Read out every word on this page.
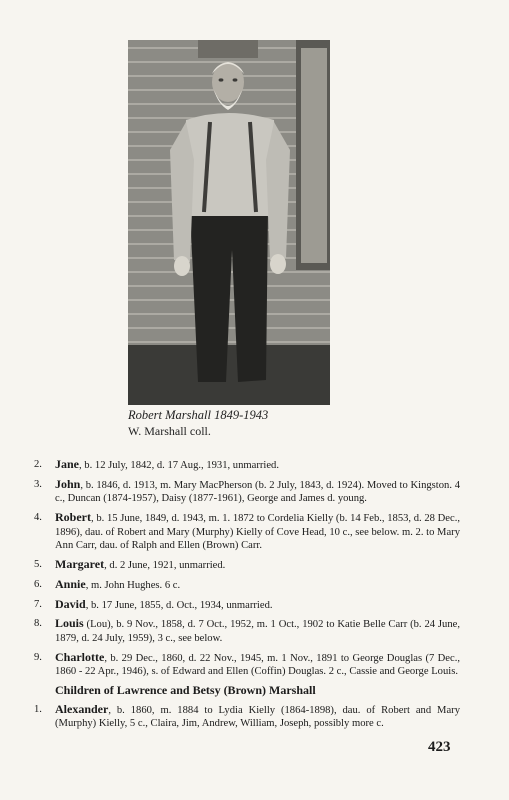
Robert Marshall 1849-1943
W. Marshall coll.
2.	Jane, b. 12 July, 1842, d. 17 Aug., 1931, unmarried.
3.	John, b. 1846, d. 1913, m. Mary MacPherson (b. 2 July, 1843, d. 1924). Moved to Kingston. 4 c., Duncan (1874-1957), Daisy (1877-1961), George and James d. young.
4.	Robert, b. 15 June, 1849, d. 1943, m. 1. 1872 to Cordelia Kielly (b. 14 Feb., 1853, d. 28 Dec., 1896), dau. of Robert and Mary (Murphy) Kielly of Cove Head, 10 c., see below. m. 2. to Mary Ann Carr, dau. of Ralph and Ellen (Brown) Carr.
5.	Margaret, d. 2 June, 1921, unmarried.
6.	Annie, m. John Hughes. 6 c.
7.	David, b. 17 June, 1855, d. Oct., 1934, unmarried.
8.	Louis (Lou), b. 9 Nov., 1858, d. 7 Oct., 1952, m. 1 Oct., 1902 to Katie Belle Carr (b. 24 June, 1879, d. 24 July, 1959), 3 c., see below.
9.	Charlotte, b. 29 Dec., 1860, d. 22 Nov., 1945, m. 1 Nov., 1891 to George Douglas (7 Dec., 1860 - 22 Apr., 1946), s. of Edward and Ellen (Coffin) Douglas. 2 c., Cassie and George Louis.
Children of Lawrence and Betsy (Brown) Marshall
1.	Alexander, b. 1860, m. 1884 to Lydia Kielly (1864-1898), dau. of Robert and Mary (Murphy) Kielly, 5 c., Claira, Jim, Andrew, William, Joseph, possibly more c.
423
